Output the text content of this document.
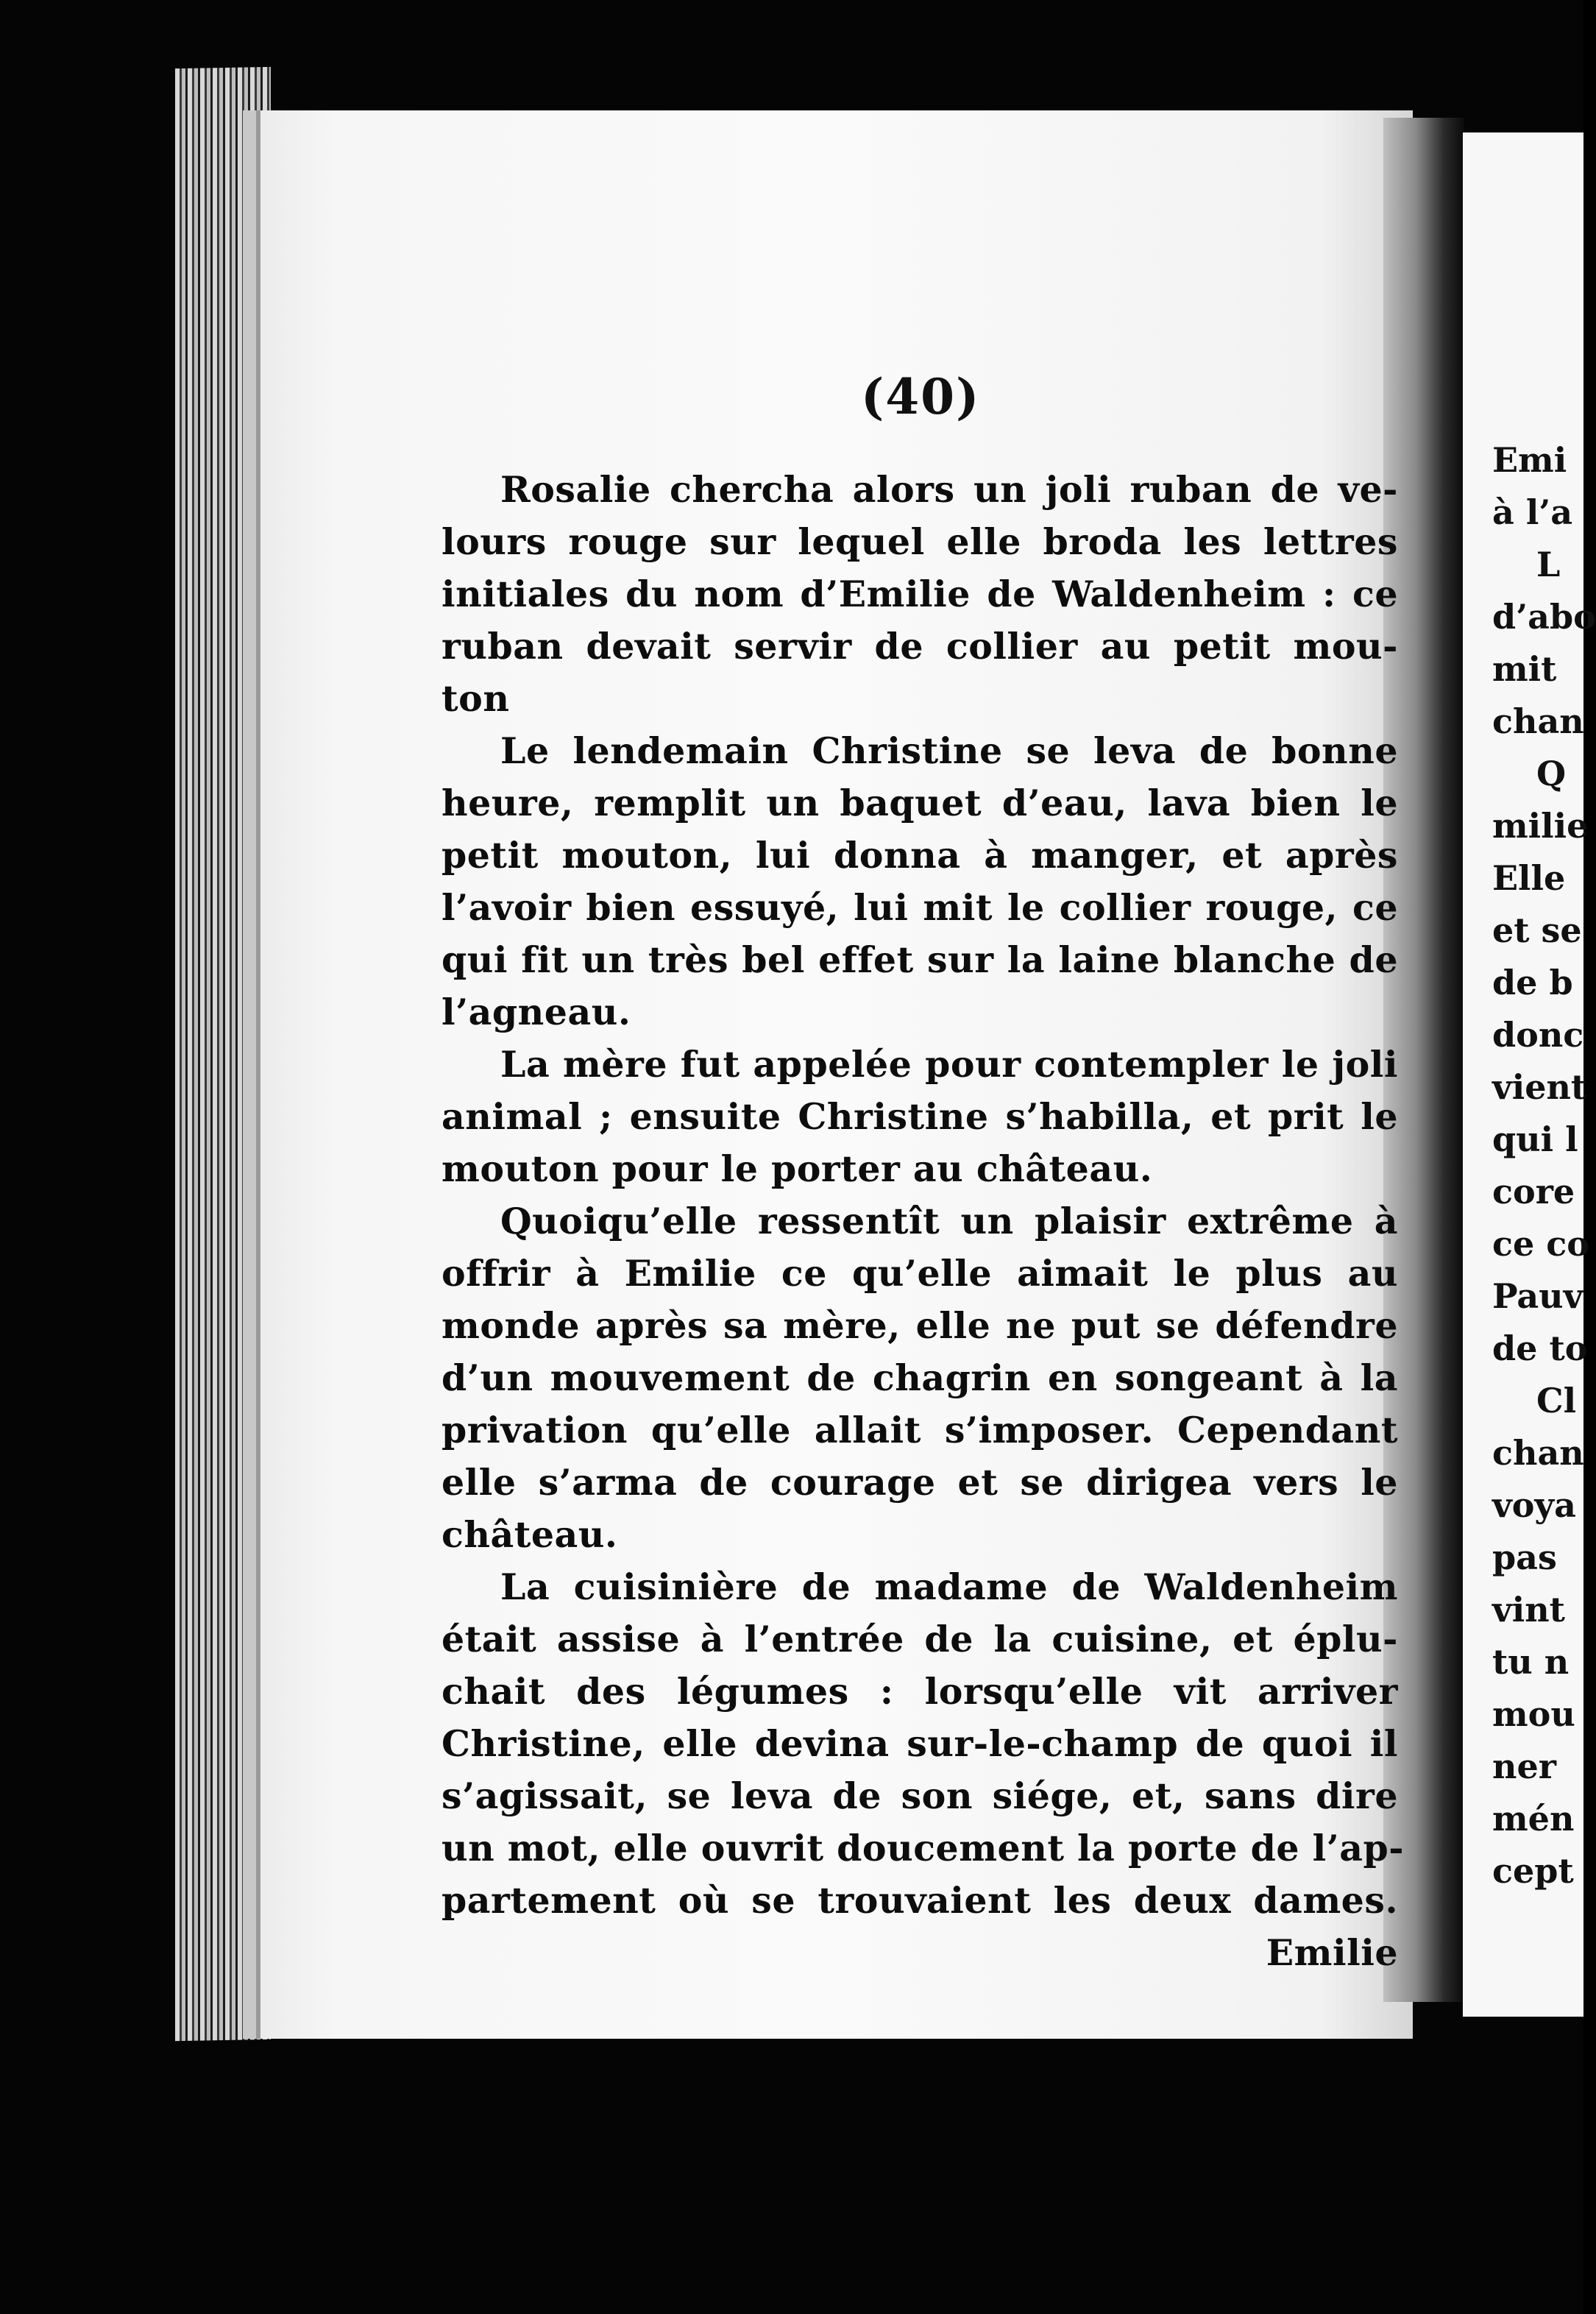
(40)
Rosalie chercha alors un joli ruban de ve-
lours rouge sur lequel elle broda les lettres
initiales du nom d’Emilie de Waldenheim : ce
ruban devait servir de collier au petit mou-
ton
Le lendemain Christine se leva de bonne
heure, remplit un baquet d’eau, lava bien le
petit mouton, lui donna à manger, et après
l’avoir bien essuyé, lui mit le collier rouge, ce
qui fit un très bel effet sur la laine blanche de
l’agneau.
La mère fut appelée pour contempler le joli
animal ; ensuite Christine s’habilla, et prit le
mouton pour le porter au château.
Quoiqu’elle ressentît un plaisir extrême à
offrir à Emilie ce qu’elle aimait le plus au
monde après sa mère, elle ne put se défendre
d’un mouvement de chagrin en songeant à la
privation qu’elle allait s’imposer. Cependant
elle s’arma de courage et se dirigea vers le
château.
La cuisinière de madame de Waldenheim
était assise à l’entrée de la cuisine, et éplu-
chait des légumes : lorsqu’elle vit arriver
Christine, elle devina sur-le-champ de quoi il
s’agissait, se leva de son siége, et, sans dire
un mot, elle ouvrit doucement la porte de l’ap-
partement où se trouvaient les deux dames.
Emilie
Emi
à l’a
L
d’abo
mit
chan
Q
milie
Elle
et se
de b
donc
vient
qui l
core
ce co
Pauv
de to
Cl
chan
voya
pas
vint
tu n
mou
ner
mén
cept
